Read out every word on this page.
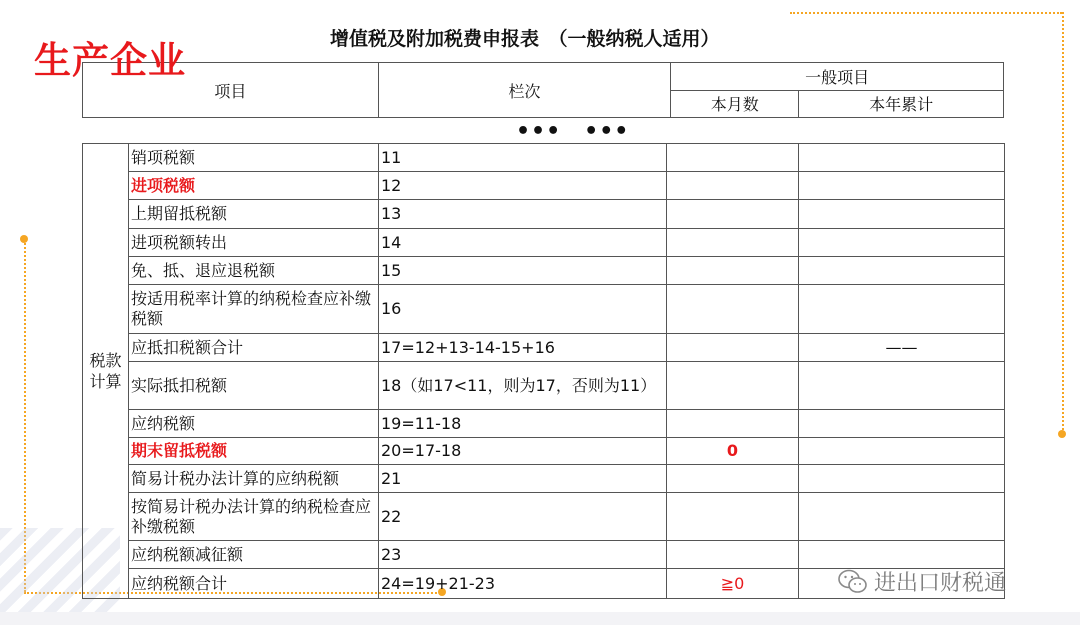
生产企业	增值税及附加税费申报表　（一般纳税人适用）
项目	栏次	一般项目	
		本月数	本年累计

•••　•••

税款计算	销项税额	11		
	进项税额	12		
	上期留抵税额	13		
	进项税额转出	14		
	免、抵、退应退税额	15		
	按适用税率计算的纳税检查应补缴税额	16		
	应抵扣税额合计	17=12+13-14-15+16		——
	实际抵扣税额	18（如17<11，则为17，否则为11）		
	应纳税额	19=11-18		
	期末留抵税额	20=17-18	0	
	简易计税办法计算的应纳税额	21		
	按简易计税办法计算的纳税检查应补缴税额	22		
	应纳税额减征额	23		
	应纳税额合计	24=19+21-23	≧0		进出口财税通
